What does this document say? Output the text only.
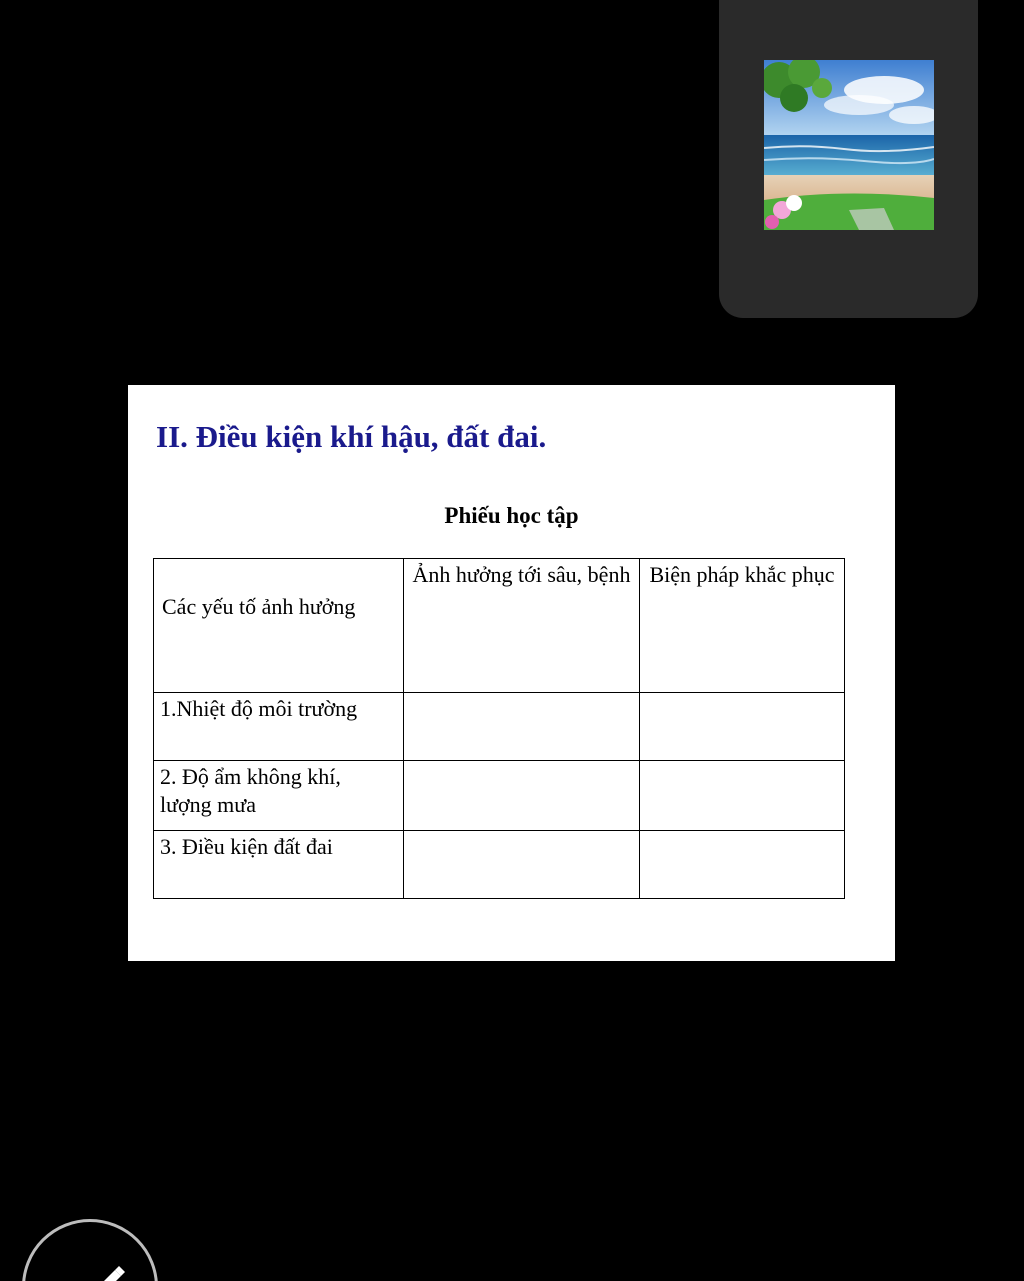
II. Điều kiện khí hậu, đất đai.
Phiếu học tập
Các yếu tố ảnh hưởng	Ảnh hưởng tới sâu, bệnh	Biện pháp khắc phục
1.Nhiệt độ môi trường		
2. Độ ẩm không khí, lượng mưa		
3. Điều kiện đất đai		
